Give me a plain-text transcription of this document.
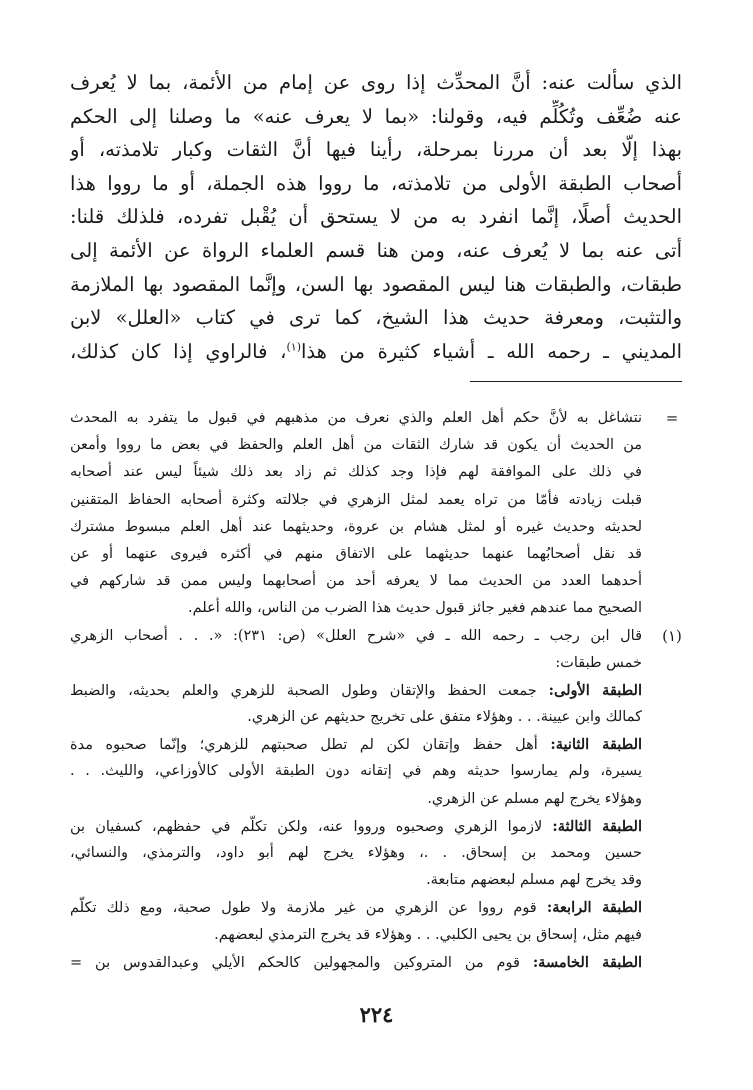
الذي سألت عنه: أنَّ المحدِّث إذا روى عن إمام من الأئمة، بما لا يُعرف
عنه ضُعِّف وتُكُلِّم فيه، وقولنا: «بما لا يعرف عنه» ما وصلنا إلى الحكم
بهذا إلّا بعد أن مررنا بمرحلة، رأينا فيها أنَّ الثقات وكبار تلامذته، أو
أصحاب الطبقة الأولى من تلامذته، ما رووا هذه الجملة، أو ما رووا هذا
الحديث أصلًا، إنَّما انفرد به من لا يستحق أن يُقْبل تفرده، فلذلك قلنا:
أتى عنه بما لا يُعرف عنه، ومن هنا قسم العلماء الرواة عن الأئمة إلى
طبقات، والطبقات هنا ليس المقصود بها السن، وإنَّما المقصود بها الملازمة
والتثبت، ومعرفة حديث هذا الشيخ، كما ترى في كتاب «العلل» لابن
المديني ـ رحمه الله ـ أشياء كثيرة من هذا$^{(١)}$، فالراوي إذا كان كذلك،
=
نتشاغل به لأنَّ حكم أهل العلم والذي نعرف من مذهبهم في قبول ما يتفرد به المحدث
من الحديث أن يكون قد شارك الثقات من أهل العلم والحفظ في بعض ما رووا وأمعن
في ذلك على الموافقة لهم فإذا وجد كذلك ثم زاد بعد ذلك شيئاً ليس عند أصحابه
قبلت زيادته فأمّا من تراه يعمد لمثل الزهري في جلالته وكثرة أصحابه الحفاظ المتقنين
لحديثه وحديث غيره أو لمثل هشام بن عروة، وحديثهما عند أهل العلم مبسوط مشترك
قد نقل أصحابُهما عنهما حديثهما على الاتفاق منهم في أكثره فيروى عنهما أو عن
أحدهما العدد من الحديث مما لا يعرفه أحد من أصحابهما وليس ممن قد شاركهم في
الصحيح مما عندهم فغير جائز قبول حديث هذا الضرب من الناس، والله أعلم.
(١)
قال ابن رجب ـ رحمه الله ـ في «شرح العلل» (ص: ٢٣١): «. . . أصحاب الزهري
خمس طبقات:
الطبقة الأولى: جمعت الحفظ والإتقان وطول الصحبة للزهري والعلم بحديثه، والضبط
كمالك وابن عيينة. . . وهؤلاء متفق على تخريج حديثهم عن الزهري.
الطبقة الثانية: أهل حفظ وإتقان لكن لم تطل صحبتهم للزهري؛ وإنّما صحبوه مدة
يسيرة، ولم يمارسوا حديثه وهم في إتقانه دون الطبقة الأولى كالأوزاعي، والليث. . .
وهؤلاء يخرج لهم مسلم عن الزهري.
الطبقة الثالثة: لازموا الزهري وصحبوه ورووا عنه، ولكن تكلّم في حفظهم، كسفيان بن
حسين ومحمد بن إسحاق. . .، وهؤلاء يخرج لهم أبو داود، والترمذي، والنسائي،
وقد يخرج لهم مسلم لبعضهم متابعة.
الطبقة الرابعة: قوم رووا عن الزهري من غير ملازمة ولا طول صحبة، ومع ذلك تكلّم
فيهم مثل، إسحاق بن يحيى الكلبي. . . وهؤلاء قد يخرج الترمذي لبعضهم.
الطبقة الخامسة: قوم من المتروكين والمجهولين كالحكم الأيلي وعبدالقدوس بن =
٢٢٤
